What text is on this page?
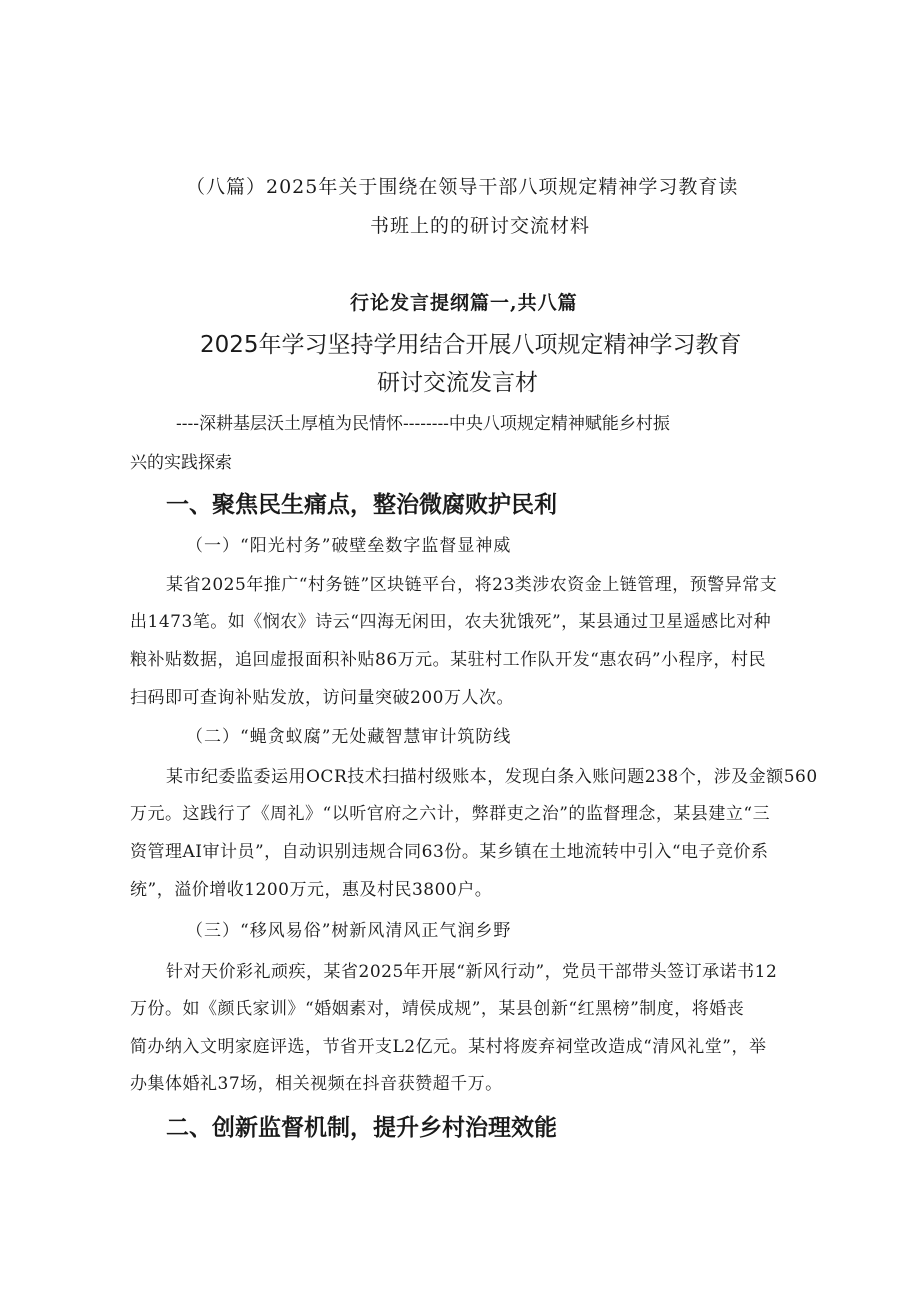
（八篇）2025年关于围绕在领导干部八项规定精神学习教育读
书班上的的研讨交流材料
行论发言提纲篇一,共八篇
2025年学习坚持学用结合开展八项规定精神学习教育
研讨交流发言材
----深耕基层沃土厚植为民情怀--------中央八项规定精神赋能乡村振
兴的实践探索
一、聚焦民生痛点，整治微腐败护民利
（一）“阳光村务”破壁垒数字监督显神威
某省2025年推广“村务链”区块链平台，将23类涉农资金上链管理，预警异常支
出1473笔。如《悯农》诗云“四海无闲田，农夫犹饿死”，某县通过卫星遥感比对种
粮补贴数据，追回虚报面积补贴86万元。某驻村工作队开发“惠农码”小程序，村民
扫码即可查询补贴发放，访问量突破200万人次。
（二）“蝇贪蚁腐”无处藏智慧审计筑防线
某市纪委监委运用OCR技术扫描村级账本，发现白条入账问题238个，涉及金额560
万元。这践行了《周礼》“以听官府之六计，弊群吏之治”的监督理念，某县建立“三
资管理AI审计员”，自动识别违规合同63份。某乡镇在土地流转中引入“电子竞价系
统”，溢价增收1200万元，惠及村民3800户。
（三）“移风易俗”树新风清风正气润乡野
针对天价彩礼顽疾，某省2025年开展“新风行动”，党员干部带头签订承诺书12
万份。如《颜氏家训》“婚姻素对，靖侯成规”，某县创新“红黑榜”制度，将婚丧
简办纳入文明家庭评选，节省开支L2亿元。某村将废弃祠堂改造成“清风礼堂”，举
办集体婚礼37场，相关视频在抖音获赞超千万。
二、创新监督机制，提升乡村治理效能
